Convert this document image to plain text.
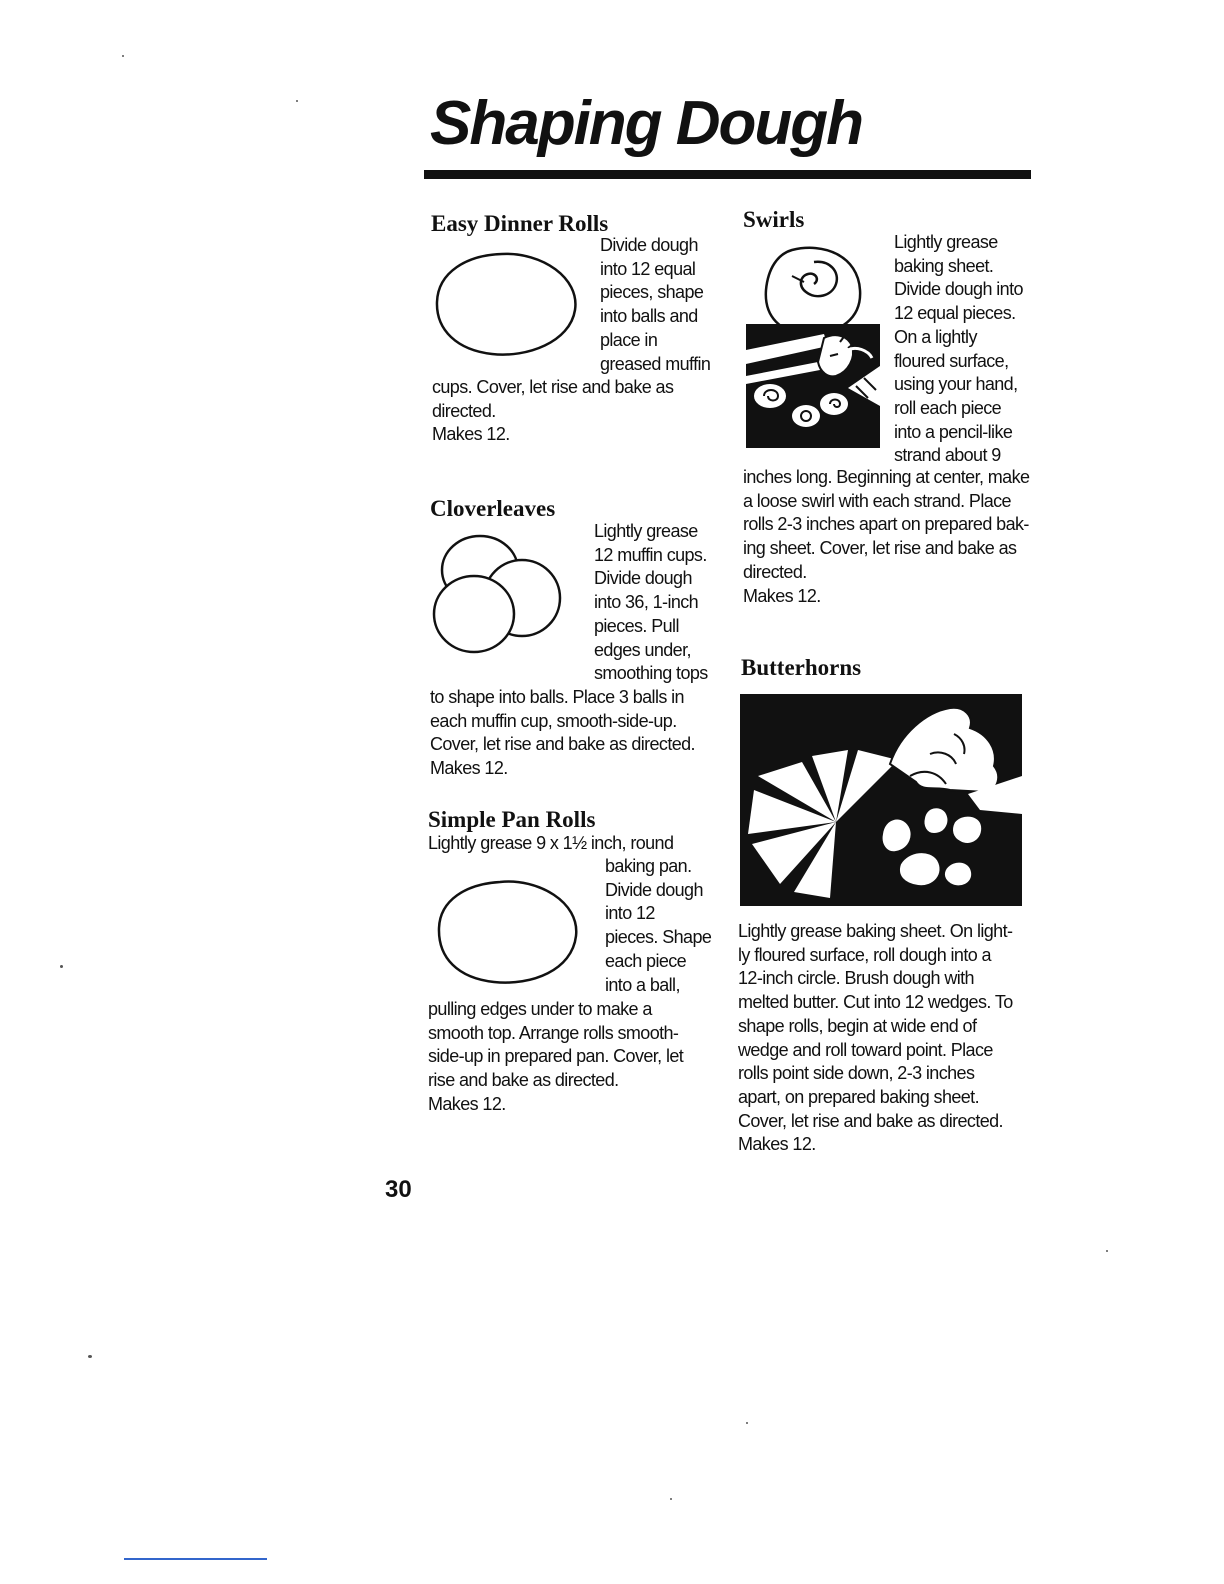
Shaping Dough
Easy Dinner Rolls
Divide dough
into 12 equal
pieces, shape
into balls and
place in
greased muffin
cups. Cover, let rise and bake as
directed.
Makes 12.
Cloverleaves
Lightly grease
12 muffin cups.
Divide dough
into 36, 1-inch
pieces. Pull
edges under,
smoothing tops
to shape into balls. Place 3 balls in
each muffin cup, smooth-side-up.
Cover, let rise and bake as directed.
Makes 12.
Simple Pan Rolls
Lightly grease 9 x 1½ inch, round
baking pan.
Divide dough
into 12
pieces. Shape
each piece
into a ball,
pulling edges under to make a
smooth top. Arrange rolls smooth-
side-up in prepared pan. Cover, let
rise and bake as directed.
Makes 12.
Swirls
Lightly grease
baking sheet.
Divide dough into
12 equal pieces.
On a lightly
floured surface,
using your hand,
roll each piece
into a pencil-like
strand about 9
inches long. Beginning at center, make
a loose swirl with each strand. Place
rolls 2-3 inches apart on prepared bak-
ing sheet. Cover, let rise and bake as
directed.
Makes 12.
Butterhorns
Lightly grease baking sheet. On light-
ly floured surface, roll dough into a
12-inch circle. Brush dough with
melted butter. Cut into 12 wedges. To
shape rolls, begin at wide end of
wedge and roll toward point. Place
rolls point side down, 2-3 inches
apart, on prepared baking sheet.
Cover, let rise and bake as directed.
Makes 12.
30
